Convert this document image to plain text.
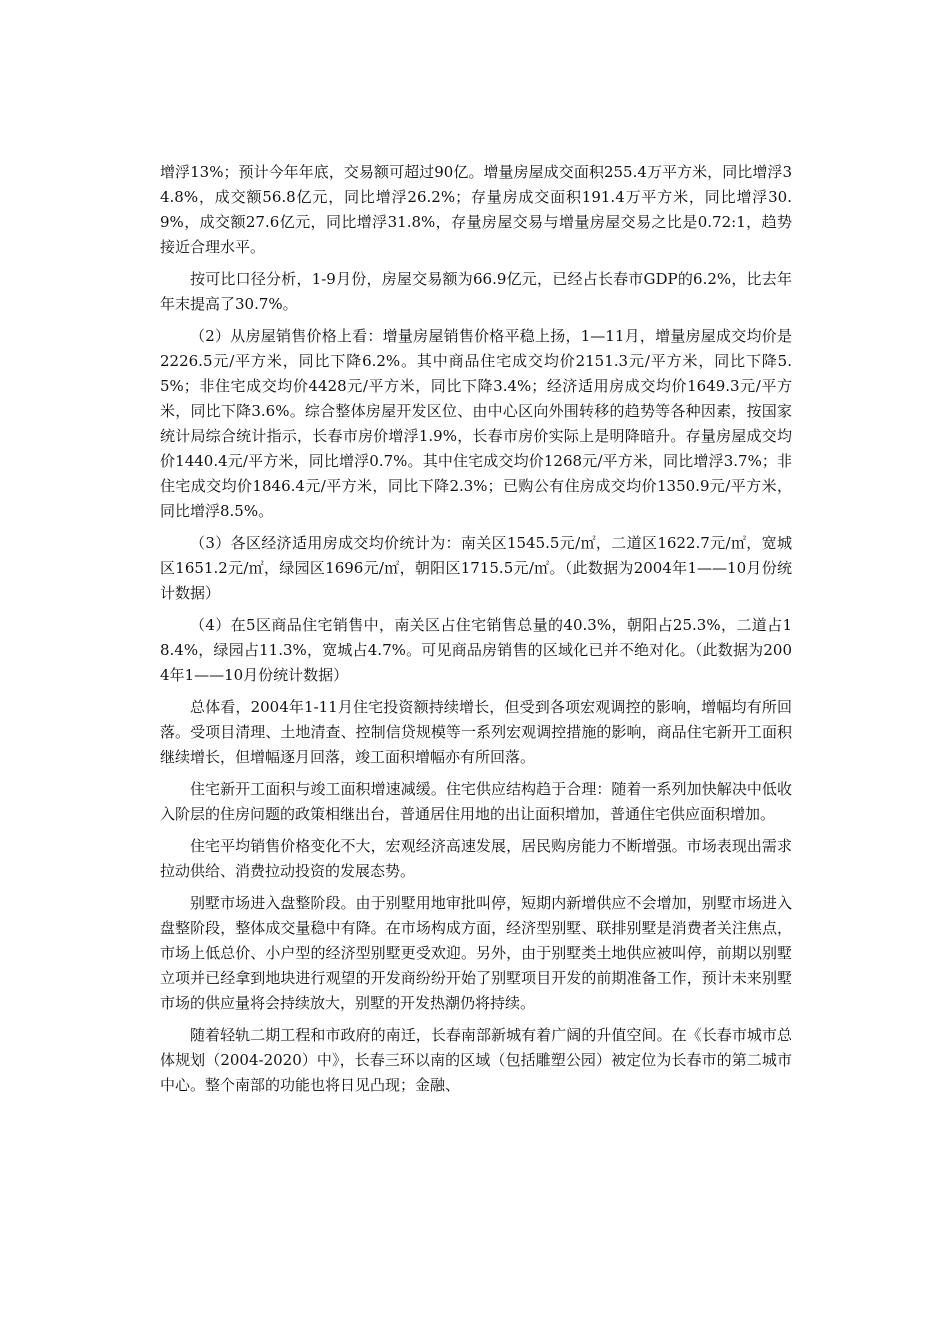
增浮13%；预计今年年底，交易额可超过90亿。增量房屋成交面积255.4万平方米，同比增浮34.8%，成交额56.8亿元，同比增浮26.2%；存量房成交面积191.4万平方米，同比增浮30.9%，成交额27.6亿元，同比增浮31.8%，存量房屋交易与增量房屋交易之比是0.72:1，趋势接近合理水平。

按可比口径分析，1-9月份，房屋交易额为66.9亿元，已经占长春市GDP的6.2%，比去年年末提高了30.7%。

（2）从房屋销售价格上看：增量房屋销售价格平稳上扬，1—11月，增量房屋成交均价是2226.5元/平方米，同比下降6.2%。其中商品住宅成交均价2151.3元/平方米，同比下降5.5%；非住宅成交均价4428元/平方米，同比下降3.4%；经济适用房成交均价1649.3元/平方米，同比下降3.6%。综合整体房屋开发区位、由中心区向外围转移的趋势等各种因素，按国家统计局综合统计指示，长春市房价增浮1.9%，长春市房价实际上是明降暗升。存量房屋成交均价1440.4元/平方米，同比增浮0.7%。其中住宅成交均价1268元/平方米，同比增浮3.7%；非住宅成交均价1846.4元/平方米，同比下降2.3%；已购公有住房成交均价1350.9元/平方米，同比增浮8.5%。

（3）各区经济适用房成交均价统计为：南关区1545.5元/㎡，二道区1622.7元/㎡，宽城区1651.2元/㎡，绿园区1696元/㎡，朝阳区1715.5元/㎡。（此数据为2004年1——10月份统计数据）

（4）在5区商品住宅销售中，南关区占住宅销售总量的40.3%，朝阳占25.3%，二道占18.4%，绿园占11.3%，宽城占4.7%。可见商品房销售的区域化已并不绝对化。（此数据为2004年1——10月份统计数据）

总体看，2004年1-11月住宅投资额持续增长，但受到各项宏观调控的影响，增幅均有所回落。受项目清理、土地清查、控制信贷规模等一系列宏观调控措施的影响，商品住宅新开工面积继续增长，但增幅逐月回落，竣工面积增幅亦有所回落。

住宅新开工面积与竣工面积增速减缓。住宅供应结构趋于合理：随着一系列加快解决中低收入阶层的住房问题的政策相继出台，普通居住用地的出让面积增加，普通住宅供应面积增加。

住宅平均销售价格变化不大，宏观经济高速发展，居民购房能力不断增强。市场表现出需求拉动供给、消费拉动投资的发展态势。

别墅市场进入盘整阶段。由于别墅用地审批叫停，短期内新增供应不会增加，别墅市场进入盘整阶段，整体成交量稳中有降。在市场构成方面，经济型别墅、联排别墅是消费者关注焦点，市场上低总价、小户型的经济型别墅更受欢迎。另外，由于别墅类土地供应被叫停，前期以别墅立项并已经拿到地块进行观望的开发商纷纷开始了别墅项目开发的前期准备工作，预计未来别墅市场的供应量将会持续放大，别墅的开发热潮仍将持续。

随着轻轨二期工程和市政府的南迁，长春南部新城有着广阔的升值空间。在《长春市城市总体规划（2004-2020）中》，长春三环以南的区域（包括雕塑公园）被定位为长春市的第二城市中心。整个南部的功能也将日见凸现；金融、
